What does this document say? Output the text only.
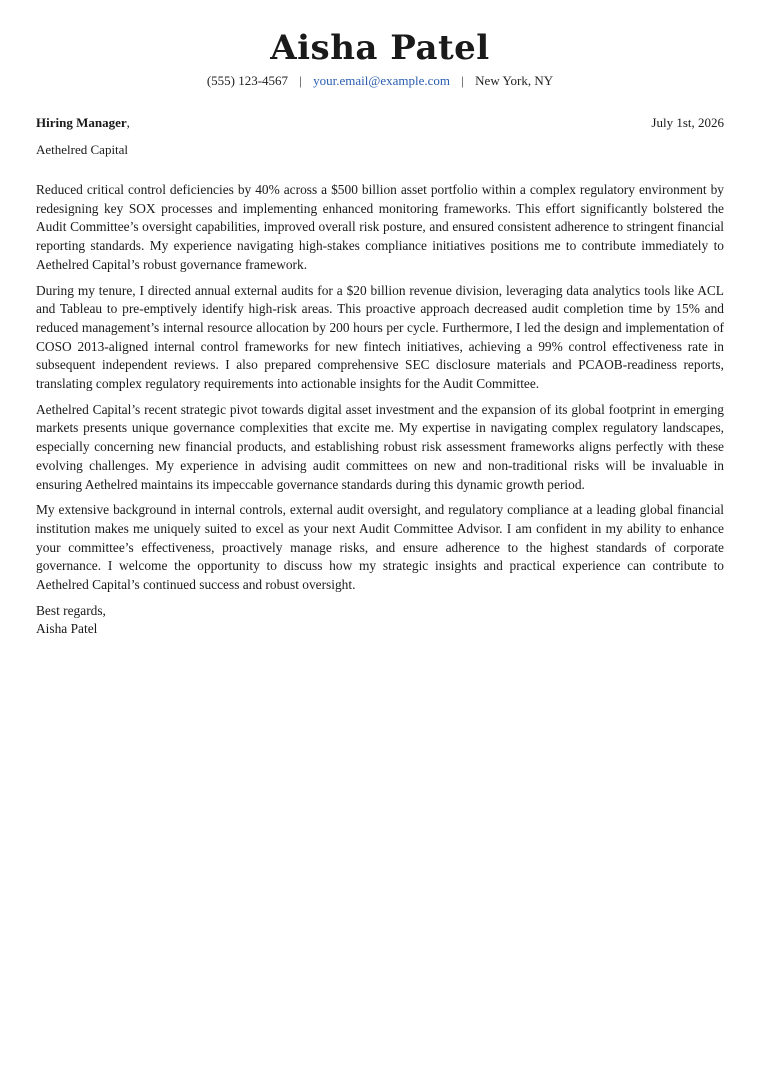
Aisha Patel
(555) 123-4567 | your.email@example.com | New York, NY
Hiring Manager,	July 1st, 2026
Aethelred Capital

Reduced critical control deficiencies by 40% across a $500 billion asset portfolio within a complex regulatory environment by redesigning key SOX processes and implementing enhanced monitoring frameworks. This effort significantly bolstered the Audit Committee’s oversight capabilities, improved overall risk posture, and ensured consistent adherence to stringent financial reporting standards. My experience navigating high-stakes compliance initiatives positions me to contribute immediately to Aethelred Capital’s robust governance framework.

During my tenure, I directed annual external audits for a $20 billion revenue division, leveraging data analytics tools like ACL and Tableau to pre-emptively identify high-risk areas. This proactive approach decreased audit completion time by 15% and reduced management’s internal resource allocation by 200 hours per cycle. Furthermore, I led the design and implementation of COSO 2013-aligned internal control frameworks for new fintech initiatives, achieving a 99% control effectiveness rate in subsequent independent reviews. I also prepared comprehensive SEC disclosure materials and PCAOB-readiness reports, translating complex regulatory requirements into actionable insights for the Audit Committee.

Aethelred Capital’s recent strategic pivot towards digital asset investment and the expansion of its global footprint in emerging markets presents unique governance complexities that excite me. My expertise in navigating complex regulatory landscapes, especially concerning new financial products, and establishing robust risk assessment frameworks aligns perfectly with these evolving challenges. My experience in advising audit committees on new and non-traditional risks will be invaluable in ensuring Aethelred maintains its impeccable governance standards during this dynamic growth period.

My extensive background in internal controls, external audit oversight, and regulatory compliance at a leading global financial institution makes me uniquely suited to excel as your next Audit Committee Advisor. I am confident in my ability to enhance your committee’s effectiveness, proactively manage risks, and ensure adherence to the highest standards of corporate governance. I welcome the opportunity to discuss how my strategic insights and practical experience can contribute to Aethelred Capital’s continued success and robust oversight.

Best regards,
Aisha Patel
